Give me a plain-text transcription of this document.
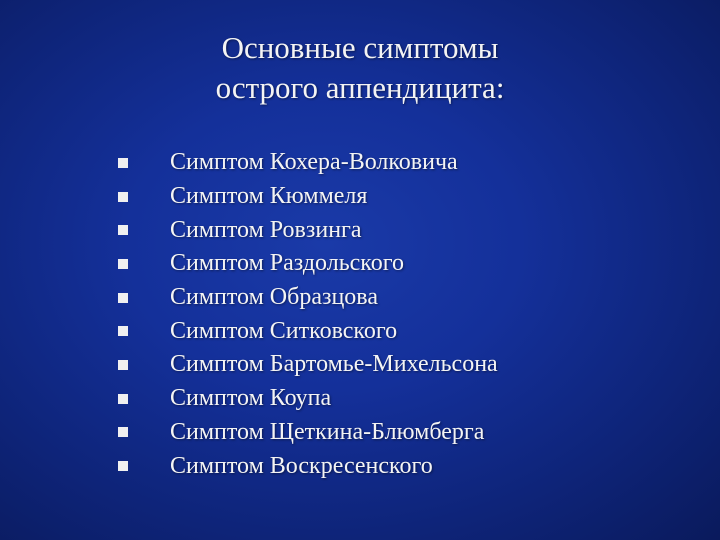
Основные симптомы
острого аппендицита:
Симптом Кохера-Волковича
Симптом Кюммеля
Симптом Ровзинга
Симптом Раздольского
Симптом Образцова
Симптом Ситковского
Симптом Бартомье-Михельсона
Симптом Коупа
Симптом Щеткина-Блюмберга
Симптом Воскресенского
